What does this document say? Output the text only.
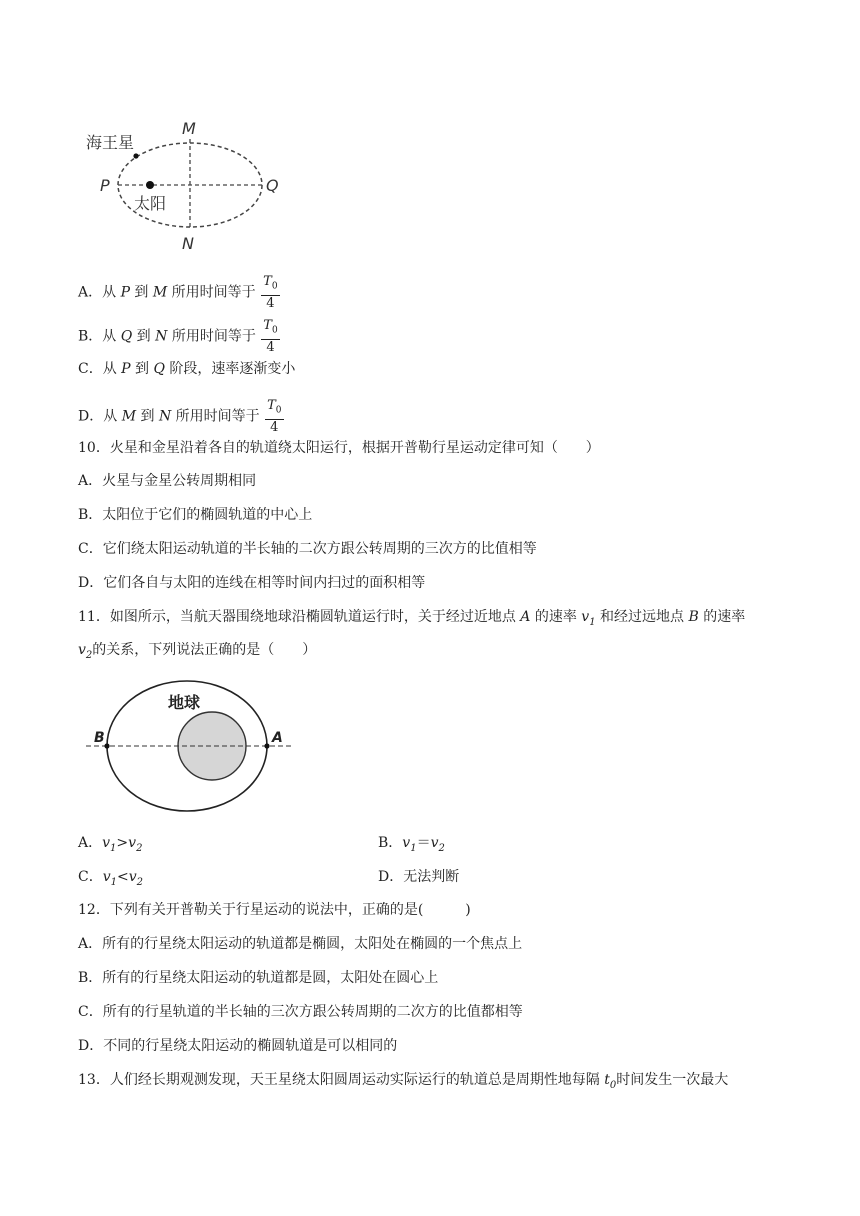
海王星
太阳
M
N
P	Q
A．从 P 到 M 所用时间等于 $\frac{T_0}{4}$
B．从 Q 到 N 所用时间等于 $\frac{T_0}{4}$
C．从 P 到 Q 阶段，速率逐渐变小
D．从 M 到 N 所用时间等于 $\frac{T_0}{4}$
10．火星和金星沿着各自的轨道绕太阳运行，根据开普勒行星运动定律可知（　　）
A．火星与金星公转周期相同
B．太阳位于它们的椭圆轨道的中心上
C．它们绕太阳运动轨道的半长轴的二次方跟公转周期的三次方的比值相等
D．它们各自与太阳的连线在相等时间内扫过的面积相等
11．如图所示，当航天器围绕地球沿椭圆轨道运行时，关于经过近地点 A 的速率 $v_1$ 和经过远地点 B 的速率
$v_2$的关系，下列说法正确的是（　　）
地球
B	A
A．$v_1>v_2$	B．$v_1=v_2$
C．$v_1<v_2$	D．无法判断
12．下列有关开普勒关于行星运动的说法中，正确的是(　　　)
A．所有的行星绕太阳运动的轨道都是椭圆，太阳处在椭圆的一个焦点上
B．所有的行星绕太阳运动的轨道都是圆，太阳处在圆心上
C．所有的行星轨道的半长轴的三次方跟公转周期的二次方的比值都相等
D．不同的行星绕太阳运动的椭圆轨道是可以相同的
13．人们经长期观测发现，天王星绕太阳圆周运动实际运行的轨道总是周期性地每隔 $t_0$时间发生一次最大
